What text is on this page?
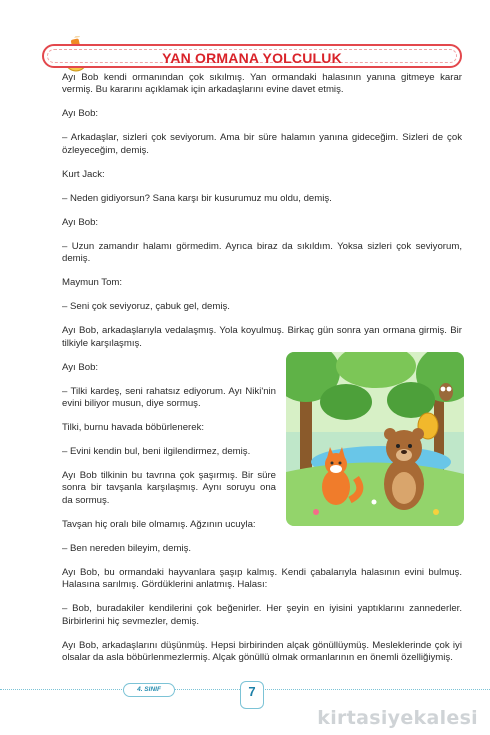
YAN ORMANA YOLCULUK

Ayı Bob kendi ormanından çok sıkılmış. Yan ormandaki halasının yanına gitmeye karar vermiş. Bu kararını açıklamak için arkadaşlarını evine davet etmiş.

Ayı Bob:

– Arkadaşlar, sizleri çok seviyorum. Ama bir süre halamın yanına gideceğim. Sizleri de çok özleyeceğim, demiş.

Kurt Jack:

– Neden gidiyorsun? Sana karşı bir kusurumuz mu oldu, demiş.

Ayı Bob:

– Uzun zamandır halamı görmedim. Ayrıca biraz da sıkıldım. Yoksa sizleri çok seviyorum, demiş.

Maymun Tom:

– Seni çok seviyoruz, çabuk gel, demiş.

Ayı Bob, arkadaşlarıyla vedalaşmış. Yola koyulmuş. Birkaç gün sonra yan ormana girmiş. Bir tilkiyle karşılaşmış.

Ayı Bob:

– Tilki kardeş, seni rahatsız ediyorum. Ayı Niki'nin evini biliyor musun, diye sormuş.

Tilki, burnu havada böbürlenerek:

– Evini kendin bul, beni ilgilendirmez, demiş.

Ayı Bob tilkinin bu tavrına çok şaşırmış. Bir süre sonra bir tavşanla karşılaşmış. Aynı soruyu ona da sormuş.

Tavşan hiç oralı bile olmamış. Ağzının ucuyla:

– Ben nereden bileyim, demiş.

Ayı Bob, bu ormandaki hayvanlara şaşıp kalmış. Kendi çabalarıyla halasının evini bulmuş. Halasına sarılmış. Gördüklerini anlatmış. Halası:

– Bob, buradakiler kendilerini çok beğenirler. Her şeyin en iyisini yaptıklarını zannederler. Birbirlerini hiç sevmezler, demiş.

Ayı Bob, arkadaşlarını düşünmüş. Hepsi birbirinden alçak gönüllüymüş. Mesleklerinde çok iyi olsalar da asla böbürlenmezlermiş. Alçak gönüllü olmak ormanlarının en önemli özelliğiymiş.

4. SINIF	7
kirtasiyekalesi
